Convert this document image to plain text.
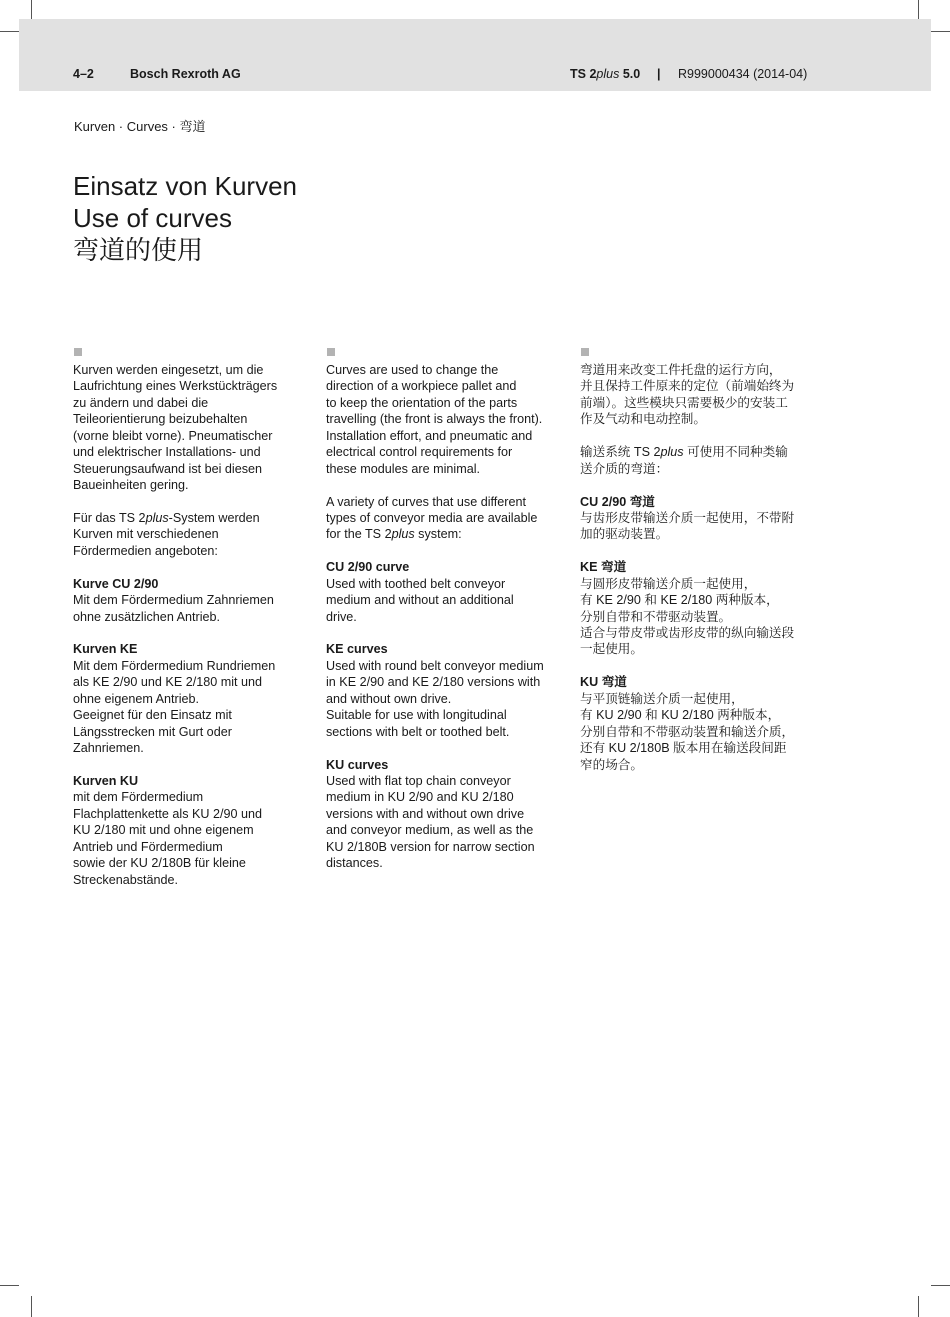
4–2	Bosch Rexroth AG	TS 2plus 5.0 | R999000434 (2014-04)
Kurven · Curves · 弯道
Einsatz von Kurven
Use of curves
弯道的使用
Kurven werden eingesetzt, um die
Laufrichtung eines Werkstückträgers
zu ändern und dabei die
Teileorientierung beizubehalten
(vorne bleibt vorne). Pneumatischer
und elektrischer Installations- und
Steuerungsaufwand ist bei diesen
Baueinheiten gering.
Für das TS 2plus-System werden
Kurven mit verschiedenen
Fördermedien angeboten:
Kurve CU 2/90
Mit dem Fördermedium Zahnriemen
ohne zusätzlichen Antrieb.
Kurven KE
Mit dem Fördermedium Rundriemen
als KE 2/90 und KE 2/180 mit und
ohne eigenem Antrieb.
Geeignet für den Einsatz mit
Längsstrecken mit Gurt oder
Zahnriemen.
Kurven KU
mit dem Fördermedium
Flachplattenkette als KU 2/90 und
KU 2/180 mit und ohne eigenem
Antrieb und Fördermedium
sowie der KU 2/180B für kleine
Streckenabstände.
Curves are used to change the
direction of a workpiece pallet and
to keep the orientation of the parts
travelling (the front is always the front).
Installation effort, and pneumatic and
electrical control requirements for
these modules are minimal.
A variety of curves that use different
types of conveyor media are available
for the TS 2plus system:
CU 2/90 curve
Used with toothed belt conveyor
medium and without an additional
drive.
KE curves
Used with round belt conveyor medium
in KE 2/90 and KE 2/180 versions with
and without own drive.
Suitable for use with longitudinal
sections with belt or toothed belt.
KU curves
Used with flat top chain conveyor
medium in KU 2/90 and KU 2/180
versions with and without own drive
and conveyor medium, as well as the
KU 2/180B version for narrow section
distances.
弯道用来改变工件托盘的运行方向，
并且保持工件原来的定位（前端始终为
前端）。这些模块只需要极少的安装工
作及气动和电动控制。
输送系统 TS 2plus 可使用不同种类输
送介质的弯道：
CU 2/90 弯道
与齿形皮带输送介质一起使用，不带附
加的驱动装置。
KE 弯道
与圆形皮带输送介质一起使用，
有 KE 2/90 和 KE 2/180 两种版本，
分别自带和不带驱动装置。
适合与带皮带或齿形皮带的纵向输送段
一起使用。
KU 弯道
与平顶链输送介质一起使用，
有 KU 2/90 和 KU 2/180 两种版本，
分别自带和不带驱动装置和输送介质，
还有 KU 2/180B 版本用在输送段间距
窄的场合。
